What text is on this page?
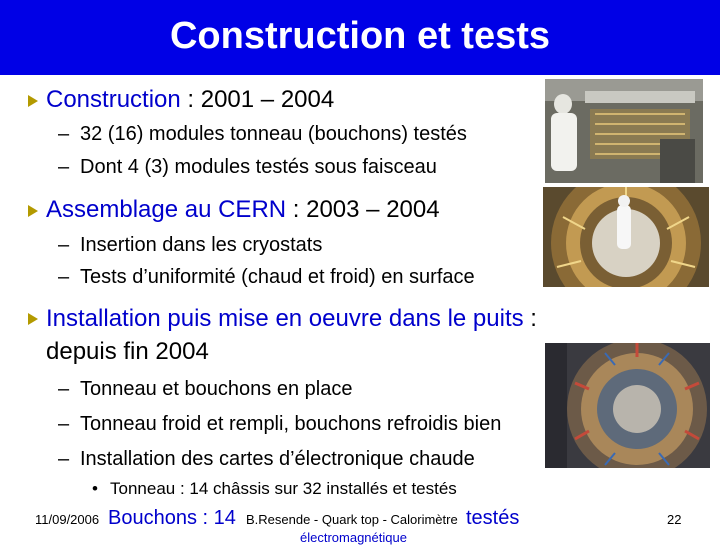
Construction et tests
Construction : 2001 – 2004
– 32 (16) modules tonneau (bouchons) testés
– Dont 4 (3) modules testés sous faisceau
Assemblage au CERN : 2003 – 2004
– Insertion dans les cryostats
– Tests d’uniformité (chaud et froid) en surface
Installation puis mise en oeuvre dans le puits :
depuis fin 2004
– Tonneau et bouchons en place
– Tonneau froid et rempli, bouchons refroidis bien
– Installation des cartes d’électronique chaude
• Tonneau : 14 châssis sur 32 installés et testés
Bouchons : 14	testés
électromagnétique
11/09/2006	B.Resende - Quark top - Calorimètre	22
